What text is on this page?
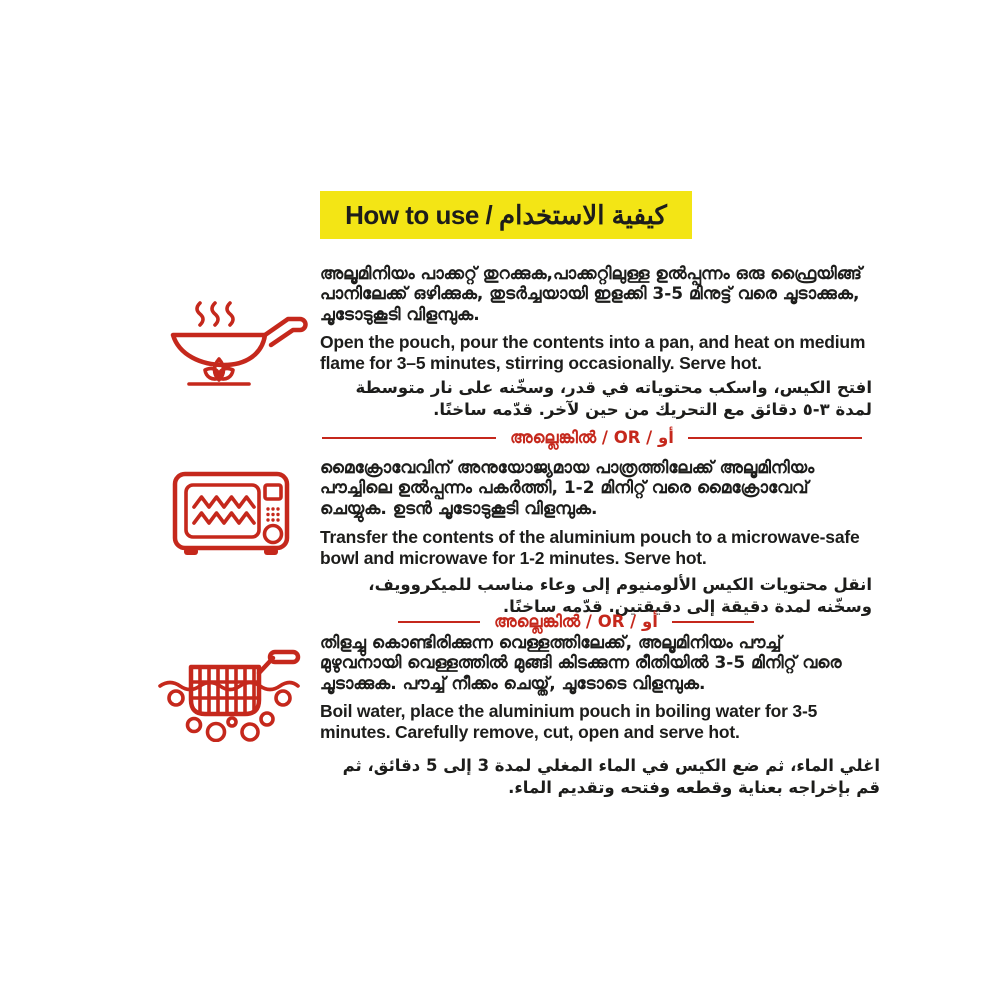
How to use / كيفية الاستخدام

അലൂമിനിയം പാക്കറ്റ് തുറക്കുക,പാക്കറ്റിലുള്ള ഉൽപ്പന്നം ഒരു ഫ്രൈയിങ്ങ് പാനിലേക്ക് ഒഴിക്കുക, തുടർച്ചയായി ഇളക്കി 3-5 മിനുട്ട് വരെ ചൂടാക്കുക, ചൂടോടുകൂടി വിളമ്പുക.

Open the pouch, pour the contents into a pan, and heat on medium flame for 3–5 minutes, stirring occasionally. Serve hot.

افتح الكيس، واسكب محتوياته في قدر، وسخّنه على نار متوسطة لمدة ٣-٥ دقائق مع التحريك من حين لآخر. قدّمه ساخنًا.

അല്ലെങ്കിൽ / OR / أو

മൈക്രോവേവിന് അനുയോജ്യമായ പാത്രത്തിലേക്ക് അലൂമിനിയം പൗച്ചിലെ ഉൽപ്പന്നം പകർത്തി, 1-2 മിനിറ്റ് വരെ മൈക്രോവേവ് ചെയ്യുക. ഉടൻ ചൂടോടുകൂടി വിളമ്പുക.

Transfer the contents of the aluminium pouch to a microwave-safe bowl and microwave for 1-2 minutes. Serve hot.

انقل محتويات الكيس الألومنيوم إلى وعاء مناسب للميكروويف، وسخّنه لمدة دقيقة إلى دقيقتين. قدّمه ساخنًا.

അല്ലെങ്കിൽ / OR / أو

തിളച്ചു കൊണ്ടിരിക്കുന്ന വെള്ളത്തിലേക്ക്, അലൂമിനിയം പൗച്ച് മുഴുവനായി വെള്ളത്തിൽ മുങ്ങി കിടക്കുന്ന രീതിയിൽ 3-5 മിനിറ്റ് വരെ ചൂടാക്കുക. പൗച്ച് നീക്കം ചെയ്ത്, ചൂടോടെ വിളമ്പുക.

Boil water, place the aluminium pouch in boiling water for 3-5 minutes. Carefully remove, cut, open and serve hot.

اغلي الماء، ثم ضع الكيس في الماء المغلي لمدة 3 إلى 5 دقائق، ثم قم بإخراجه بعناية وقطعه وفتحه وتقديم الماء.
